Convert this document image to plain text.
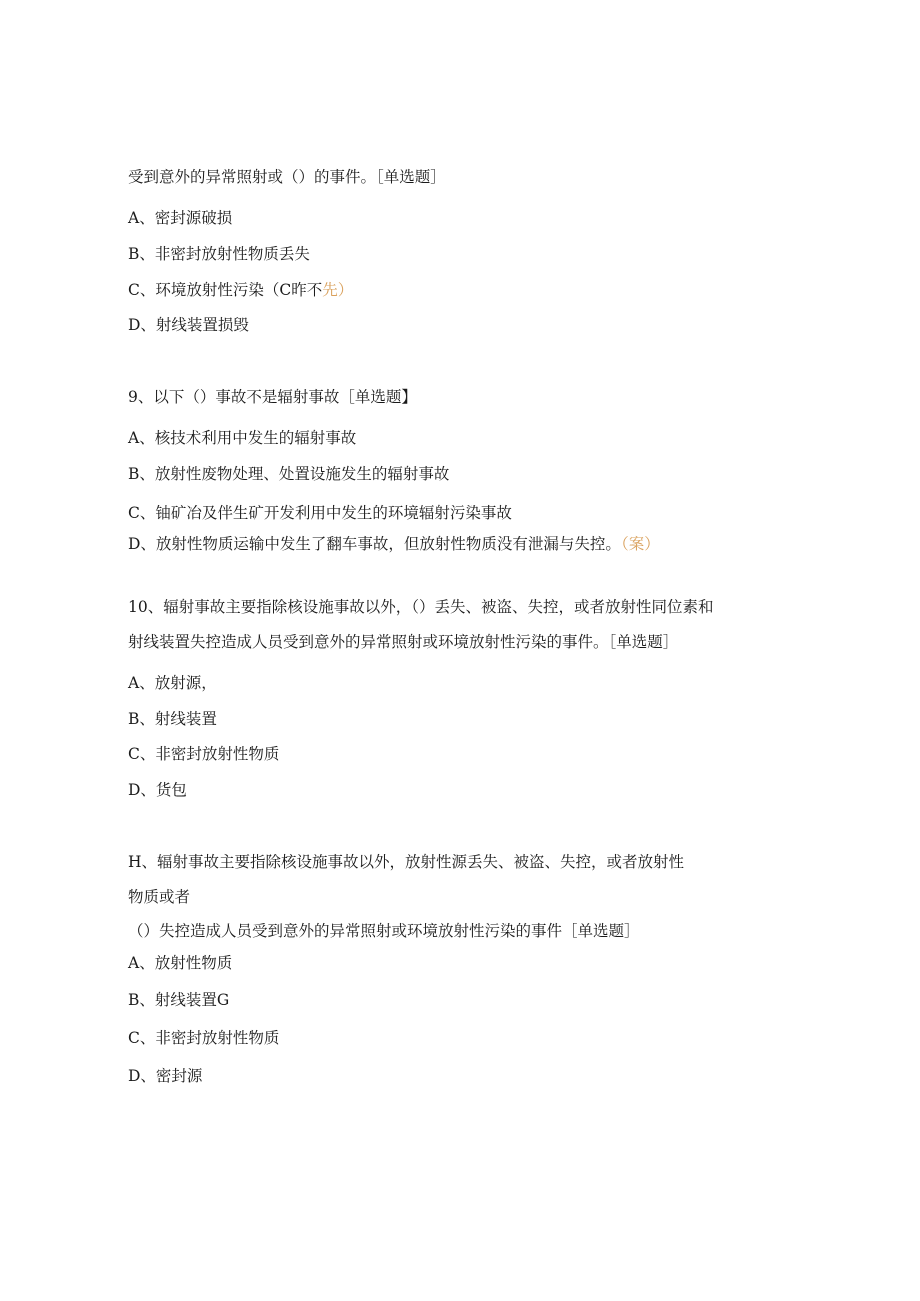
受到意外的异常照射或（）的事件。［单选题］
A、密封源破损
B、非密封放射性物质丢失
C、环境放射性污染（C昨不先）
D、射线装置损毁
9、以下（）事故不是辐射事故［单选题】
A、核技术利用中发生的辐射事故
B、放射性废物处理、处置设施发生的辐射事故
C、铀矿冶及伴生矿开发利用中发生的环境辐射污染事故
D、放射性物质运输中发生了翻车事故，但放射性物质没有泄漏与失控。（案）
10、辐射事故主要指除核设施事故以外，（）丢失、被盗、失控，或者放射性同位素和
射线装置失控造成人员受到意外的异常照射或环境放射性污染的事件。［单选题］
A、放射源，
B、射线装置
C、非密封放射性物质
D、货包
H、辐射事故主要指除核设施事故以外，放射性源丢失、被盗、失控，或者放射性
物质或者
（）失控造成人员受到意外的异常照射或环境放射性污染的事件［单选题］
A、放射性物质
B、射线装置G
C、非密封放射性物质
D、密封源
